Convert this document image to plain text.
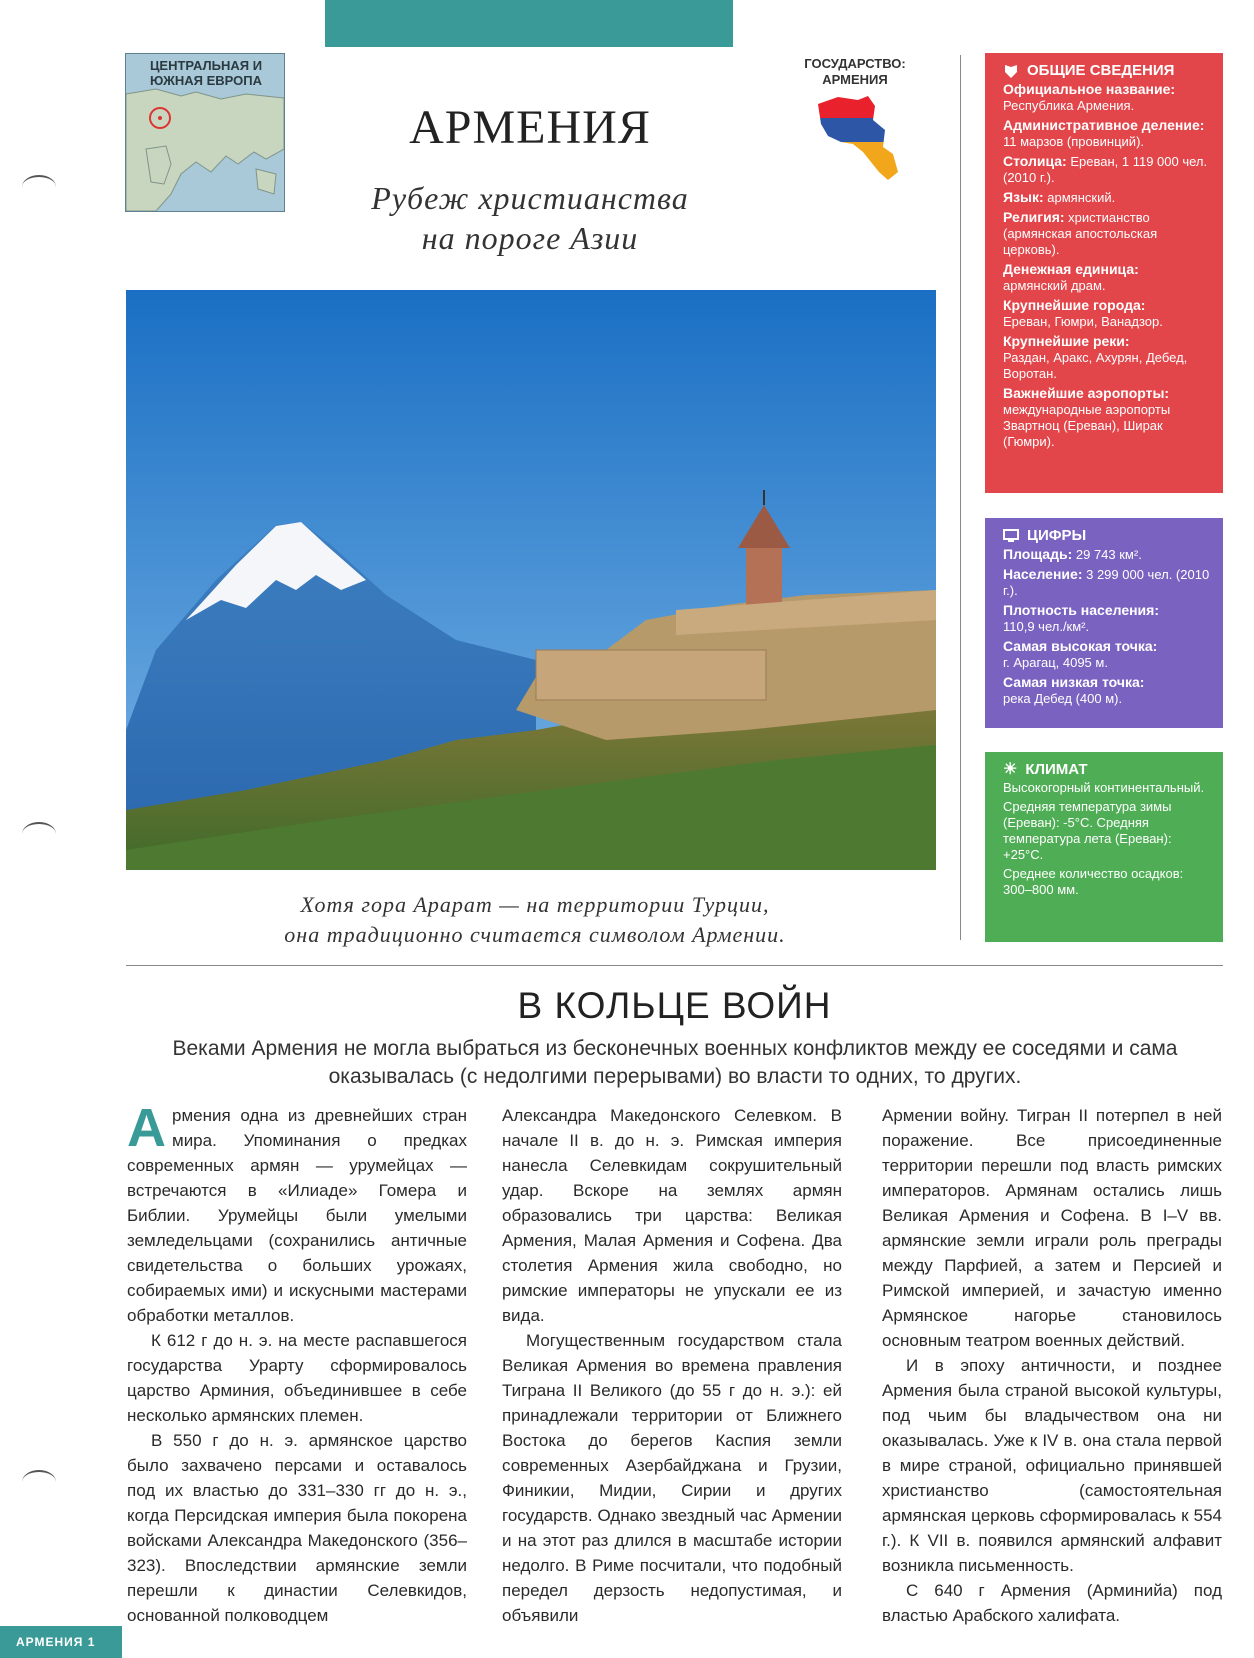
ЦЕНТРАЛЬНАЯ И ЮЖНАЯ ЕВРОПА
АРМЕНИЯ
Рубеж христианства
на пороге Азии
ГОСУДАРСТВО: АРМЕНИЯ
Хотя гора Арарат — на территории Турции,
она традиционно считается символом Армении.
ОБЩИЕ СВЕДЕНИЯ
Официальное название:
Республика Армения.
Административное деление: 11 марзов (провинций).
Столица: Ереван, 1 119 000 чел. (2010 г.).
Язык: армянский.
Религия: христианство (армянская апостольская церковь).
Денежная единица:
армянский драм.
Крупнейшие города:
Ереван, Гюмри, Ванадзор.
Крупнейшие реки:
Раздан, Аракс, Ахурян, Дебед, Воротан.
Важнейшие аэропорты:
международные аэропорты Звартноц (Ереван), Ширак (Гюмри).
ЦИФРЫ
Площадь: 29 743 км².
Население: 3 299 000 чел. (2010 г.).
Плотность населения:
110,9 чел./км².
Самая высокая точка:
г. Арагац, 4095 м.
Самая низкая точка:
река Дебед (400 м).
☀ КЛИМАТ
Высокогорный континентальный.
Средняя температура зимы (Ереван): -5°С. Средняя температура лета (Ереван): +25°С.
Среднее количество осадков: 300–800 мм.
В КОЛЬЦЕ ВОЙН
Веками Армения не могла выбраться из бесконечных военных конфликтов между ее соседями и сама оказывалась (с недолгими перерывами) во власти то одних, то других.

Армения одна из древнейших стран мира. Упоминания о предках современных армян — урумейцах — встречаются в «Илиаде» Гомера и Библии. Урумейцы были умелыми земледельцами (сохранились античные свидетельства о больших урожаях, собираемых ими) и искусными мастерами обработки металлов.

К 612 г до н. э. на месте распавшегося государства Урарту сформировалось царство Арминия, объединившее в себе несколько армянских племен.

В 550 г до н. э. армянское царство было захвачено персами и оставалось под их властью до 331–330 гг до н. э., когда Персидская империя была покорена войсками Александра Македонского (356–323). Впоследствии армянские земли перешли к династии Селевкидов, основанной полководцем

Александра Македонского Селевком. В начале II в. до н. э. Римская империя нанесла Селевкидам сокрушительный удар. Вскоре на землях армян образовались три царства: Великая Армения, Малая Армения и Софена. Два столетия Армения жила свободно, но римские императоры не упускали ее из вида.

Могущественным государством стала Великая Армения во времена правления Тиграна II Великого (до 55 г до н. э.): ей принадлежали территории от Ближнего Востока до берегов Каспия земли современных Азербайджана и Грузии, Финикии, Мидии, Сирии и других государств. Однако звездный час Армении и на этот раз длился в масштабе истории недолго. В Риме посчитали, что подобный передел дерзость недопустимая, и объявили

Армении войну. Тигран II потерпел в ней поражение. Все присоединенные территории перешли под власть римских императоров. Армянам остались лишь Великая Армения и Софена. В I–V вв. армянские земли играли роль преграды между Парфией, а затем и Персией и Римской империей, и зачастую именно Армянское нагорье становилось основным театром военных действий.

И в эпоху античности, и позднее Армения была страной высокой культуры, под чьим бы владычеством она ни оказывалась. Уже к IV в. она стала первой в мире страной, официально принявшей христианство (самостоятельная армянская церковь сформировалась к 554 г.). К VII в. появился армянский алфавит возникла письменность.

С 640 г Армения (Арминийа) под властью Арабского халифата.

АРМЕНИЯ 1
